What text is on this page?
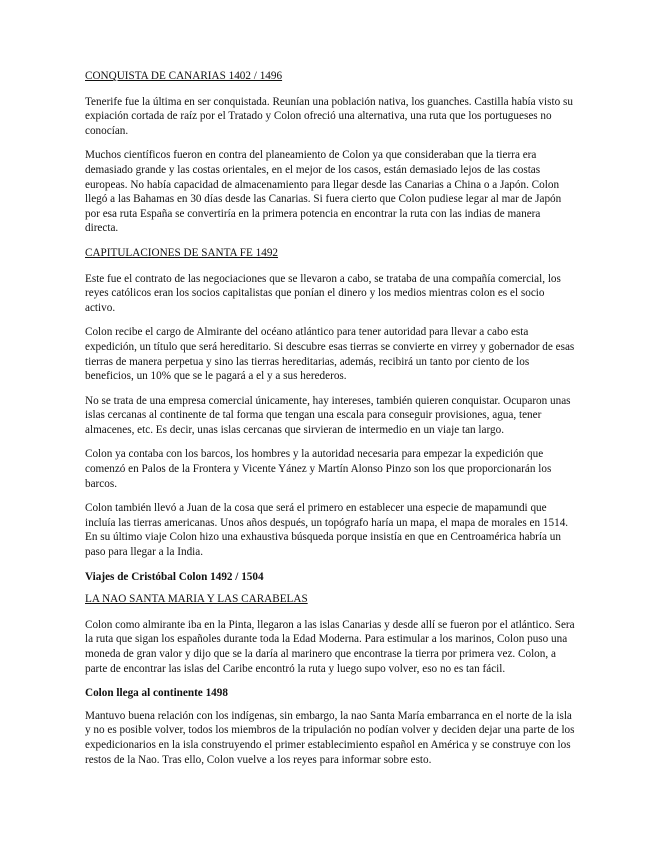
CONQUISTA DE CANARIAS 1402 / 1496

Tenerife fue la última en ser conquistada. Reunían una población nativa, los guanches. Castilla había visto su expiación cortada de raíz por el Tratado y Colon ofreció una alternativa, una ruta que los portugueses no conocían.

Muchos científicos fueron en contra del planeamiento de Colon ya que consideraban que la tierra era demasiado grande y las costas orientales, en el mejor de los casos, están demasiado lejos de las costas europeas. No había capacidad de almacenamiento para llegar desde las Canarias a China o a Japón. Colon llegó a las Bahamas en 30 días desde las Canarias. Si fuera cierto que Colon pudiese legar al mar de Japón por esa ruta España se convertiría en la primera potencia en encontrar la ruta con las indias de manera directa.

CAPITULACIONES DE SANTA FE 1492

Este fue el contrato de las negociaciones que se llevaron a cabo, se trataba de una compañía comercial, los reyes católicos eran los socios capitalistas que ponían el dinero y los medios mientras colon es el socio activo.

Colon recibe el cargo de Almirante del océano atlántico para tener autoridad para llevar a cabo esta expedición, un título que será hereditario. Si descubre esas tierras se convierte en virrey y gobernador de esas tierras de manera perpetua y sino las tierras hereditarias, además, recibirá un tanto por ciento de los beneficios, un 10% que se le pagará a el y a sus herederos.

No se trata de una empresa comercial únicamente, hay intereses, también quieren conquistar. Ocuparon unas islas cercanas al continente de tal forma que tengan una escala para conseguir provisiones, agua, tener almacenes, etc. Es decir, unas islas cercanas que sirvieran de intermedio en un viaje tan largo.

Colon ya contaba con los barcos, los hombres y la autoridad necesaria para empezar la expedición que comenzó en Palos de la Frontera y Vicente Yánez y Martín Alonso Pinzo son los que proporcionarán los barcos.

Colon también llevó a Juan de la cosa que será el primero en establecer una especie de mapamundi que incluía las tierras americanas. Unos años después, un topógrafo haría un mapa, el mapa de morales en 1514. En su último viaje Colon hizo una exhaustiva búsqueda porque insistía en que en Centroamérica habría un paso para llegar a la India.

Viajes de Cristóbal Colon 1492 / 1504

LA NAO SANTA MARIA Y LAS CARABELAS

Colon como almirante iba en la Pinta, llegaron a las islas Canarias y desde allí se fueron por el atlántico. Sera la ruta que sigan los españoles durante toda la Edad Moderna. Para estimular a los marinos, Colon puso una moneda de gran valor y dijo que se la daría al marinero que encontrase la tierra por primera vez. Colon, a parte de encontrar las islas del Caribe encontró la ruta y luego supo volver, eso no es tan fácil.

Colon llega al continente 1498

Mantuvo buena relación con los indígenas, sin embargo, la nao Santa María embarranca en el norte de la isla y no es posible volver, todos los miembros de la tripulación no podían volver y deciden dejar una parte de los expedicionarios en la isla construyendo el primer establecimiento español en América y se construye con los restos de la Nao. Tras ello, Colon vuelve a los reyes para informar sobre esto.
